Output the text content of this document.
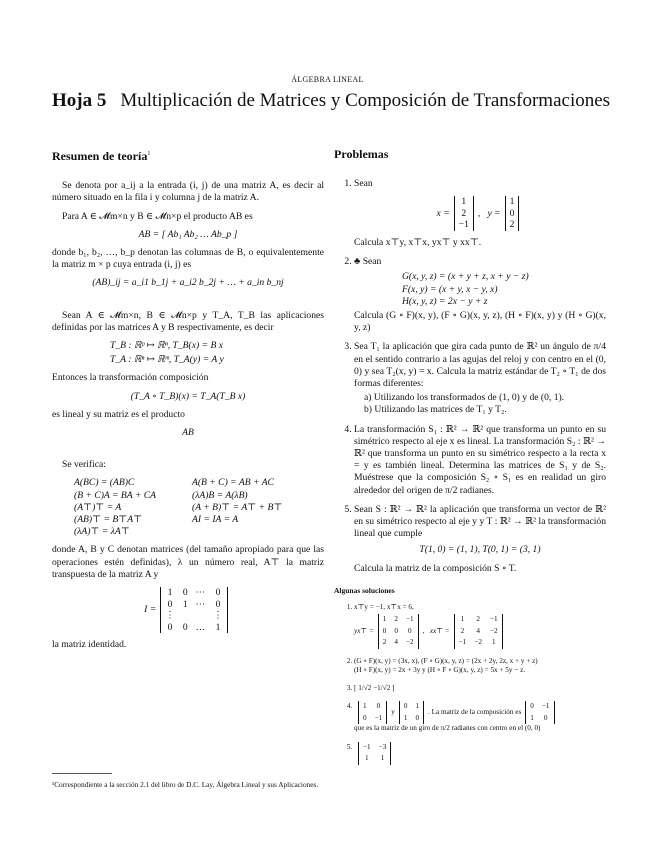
ÁLGEBRA LINEAL
Hoja 5 Multiplicación de Matrices y Composición de Transformaciones
Resumen de teoría$^1$

Se denota por a_ij a la entrada (i, j) de una matriz A, es decir al número situado en la fila i y columna j de la matriz A.

Para A ∈ 𝓜m×n y B ∈ 𝓜n×p el producto AB es

AB = [ Ab₁ Ab₂ … Ab_p ]

donde b₁, b₂, …, b_p denotan las columnas de B, o equivalentemente la matriz m × p cuya entrada (i, j) es

(AB)_ij = a_i1 b_1j + a_i2 b_2j + … + a_in b_nj

Sean A ∈ 𝓜m×n, B ∈ 𝓜n×p y T_A, T_B las aplicaciones definidas por las matrices A y B respectivamente, es decir

T_B : ℝᵖ ↦ ℝⁿ, T_B(x) = B x
T_A : ℝⁿ ↦ ℝᵐ, T_A(y) = A y

Entonces la transformación composición

(T_A ∘ T_B)(x) = T_A(T_B x)

es lineal y su matriz es el producto

AB

Se verifica:

A(BC) = (AB)C	A(B + C) = AB + AC
(B + C)A = BA + CA	(λA)B = A(λB)
(A⊤)⊤ = A	(A + B)⊤ = A⊤ + B⊤
(AB)⊤ = B⊤A⊤	AI = IA = A
(λA)⊤ = λA⊤

donde A, B y C denotan matrices (del tamaño apropiado para que las operaciones estén definidas), λ un número real, A⊤ la matriz transpuesta de la matriz A y

I =
1 0 ⋯ 0
0 1 ⋯ 0
⋮	⋮
0 0 … 1

la matriz identidad.

¹Correspondiente a la sección 2.1 del libro de D.C. Lay, Álgebra Lineal y sus Aplicaciones.
Problemas
1. Sean
x =
1
2
−1
, y =
1
0
2
Calcula x⊤y, x⊤x, yx⊤ y xx⊤.
2. ♣ Sean
G(x, y, z) = (x + y + z, x + y − z)
F(x, y) = (x + y, x − y, x)
H(x, y, z) = 2x − y + z
Calcula (G ∘ F)(x, y), (F ∘ G)(x, y, z), (H ∘ F)(x, y) y (H ∘ G)(x, y, z)
3. Sea T₁ la aplicación que gira cada punto de ℝ² un ángulo de π/4 en el sentido contrario a las agujas del reloj y con centro en el (0, 0) y sea T₂(x, y) = x. Calcula la matriz estándar de T₂ ∘ T₁ de dos formas diferentes:
a) Utilizando los transformados de (1, 0) y de (0, 1).
b) Utilizando las matrices de T₁ y T₂.
4. La transformación S₁ : ℝ² → ℝ² que transforma un punto en su simétrico respecto al eje x es lineal. La transformación S₂ : ℝ² → ℝ² que transforma un punto en su simétrico respecto a la recta x = y es también lineal. Determina las matrices de S₁ y de S₂. Muéstrese que la composición S₂ ∘ S₁ es en realidad un giro alrededor del origen de π/2 radianes.
5. Sean S : ℝ² → ℝ² la aplicación que transforma un vector de ℝ² en su simétrico respecto al eje y y T : ℝ² → ℝ² la transformación lineal que cumple
T(1, 0) = (1, 1), T(0, 1) = (3, 1)
Calcula la matriz de la composición S ∘ T.
Algunas soluciones
1. x⊤y = −1, x⊤x = 6,
yx⊤ =
1 2 −1
0 0 0
2 4 −2
, xx⊤ =
1 2 −1
2 4 −2
−1 −2 1
2. (G ∘ F)(x, y) = (3x, x), (F ∘ G)(x, y, z) = (2x + 2y, 2z, x + y + z)
(H ∘ F)(x, y) = 2x + 3y y (H ∘ F ∘ G)(x, y, z) = 5x + 5y − z.
3. [ 1/√2 −1/√2 ]
4. 1 0
0 −1
y
0 1
1 0
. La matriz de la composición es
0 −1
1 0
que es la matriz de un giro de π/2 radianes con centro en el (0, 0)
5. −1 −3
1 1
